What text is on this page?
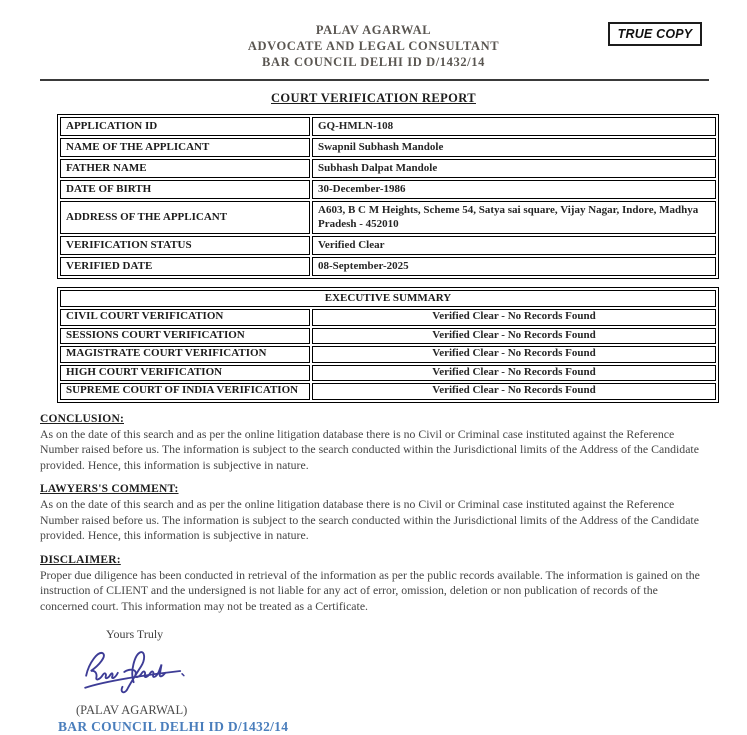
PALAV AGARWAL
ADVOCATE AND LEGAL CONSULTANT
BAR COUNCIL DELHI ID D/1432/14
TRUE COPY
COURT VERIFICATION REPORT
APPLICATION ID	GQ-HMLN-108
NAME OF THE APPLICANT	Swapnil Subhash Mandole
FATHER NAME	Subhash Dalpat Mandole
DATE OF BIRTH	30-December-1986
ADDRESS OF THE APPLICANT	A603, B C M Heights, Scheme 54, Satya sai square, Vijay Nagar, Indore, Madhya Pradesh - 452010
VERIFICATION STATUS	Verified Clear
VERIFIED DATE	08-September-2025
EXECUTIVE SUMMARY	
CIVIL COURT VERIFICATION	Verified Clear - No Records Found
SESSIONS COURT VERIFICATION	Verified Clear - No Records Found
MAGISTRATE COURT VERIFICATION	Verified Clear - No Records Found
HIGH COURT VERIFICATION	Verified Clear - No Records Found
SUPREME COURT OF INDIA VERIFICATION	Verified Clear - No Records Found
CONCLUSION:

As on the date of this search and as per the online litigation database there is no Civil or Criminal case instituted against the Reference Number raised before us. The information is subject to the search conducted within the Jurisdictional limits of the Address of the Candidate provided. Hence, this information is subjective in nature.

LAWYERS'S COMMENT:

As on the date of this search and as per the online litigation database there is no Civil or Criminal case instituted against the Reference Number raised before us. The information is subject to the search conducted within the Jurisdictional limits of the Address of the Candidate provided. Hence, this information is subjective in nature.

DISCLAIMER:

Proper due diligence has been conducted in retrieval of the information as per the public records available. The information is gained on the instruction of CLIENT and the undersigned is not liable for any act of error, omission, deletion or non publication of records of the concerned court. This information may not be treated as a Certificate.

Yours Truly
(PALAV AGARWAL)
BAR COUNCIL DELHI ID D/1432/14
